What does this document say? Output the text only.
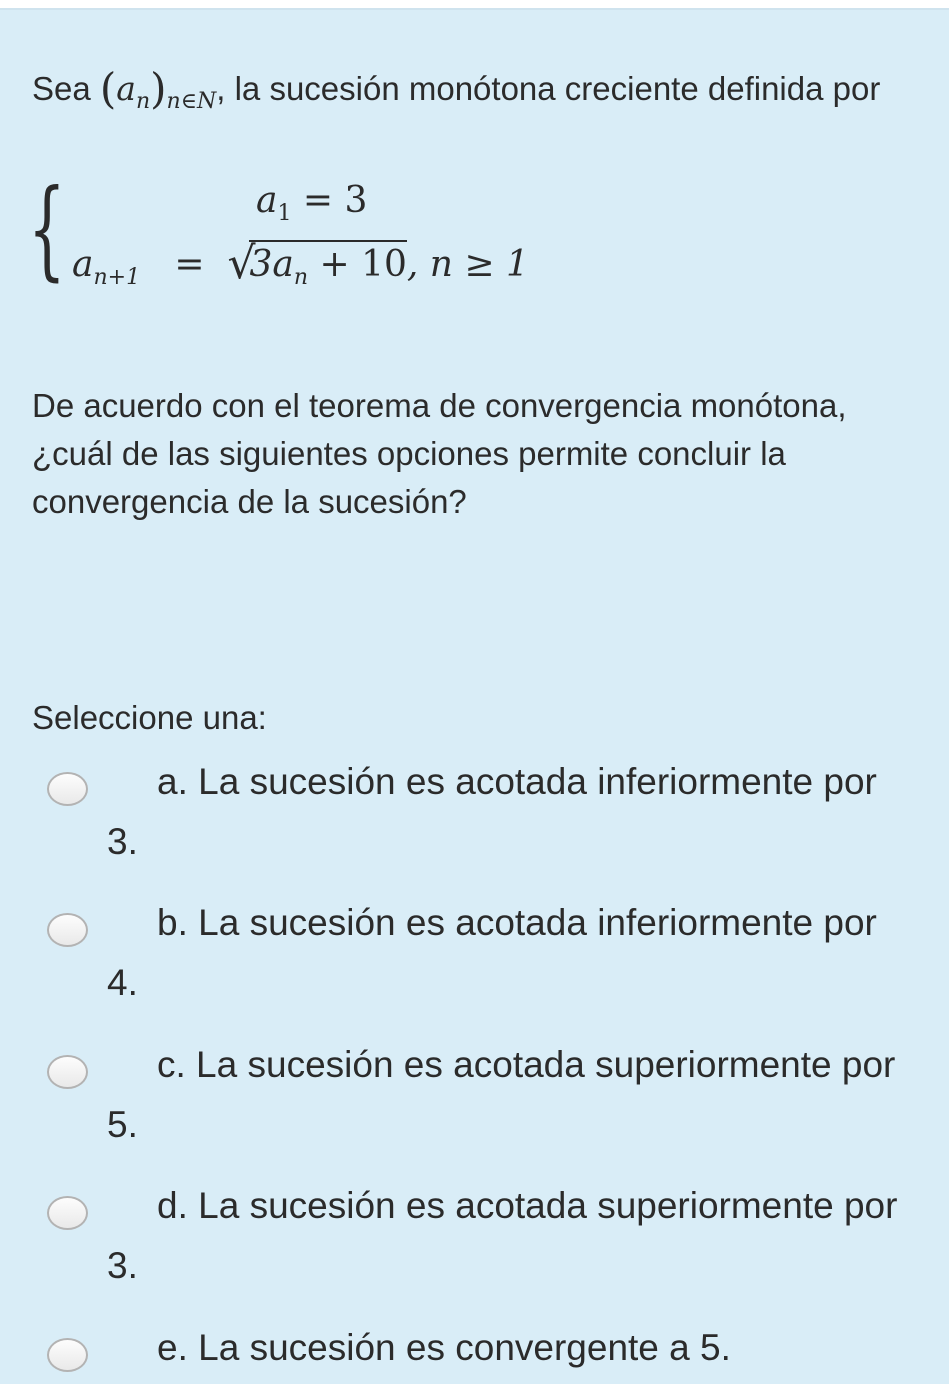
Sea $(a_n)_{n\in N}$, la sucesión monótona creciente definida por
{	$a_1 = 3$
$a_{n+1}$ = √
$3a_n + 10$, n ≥ 1
De acuerdo con el teorema de convergencia monótona, ¿cuál de las siguientes opciones permite concluir la convergencia de la sucesión?
Seleccione una:
a. La sucesión es acotada inferiormente por 3.
b. La sucesión es acotada inferiormente por 4.
c. La sucesión es acotada superiormente por 5.
d. La sucesión es acotada superiormente por 3.
e. La sucesión es convergente a 5.
